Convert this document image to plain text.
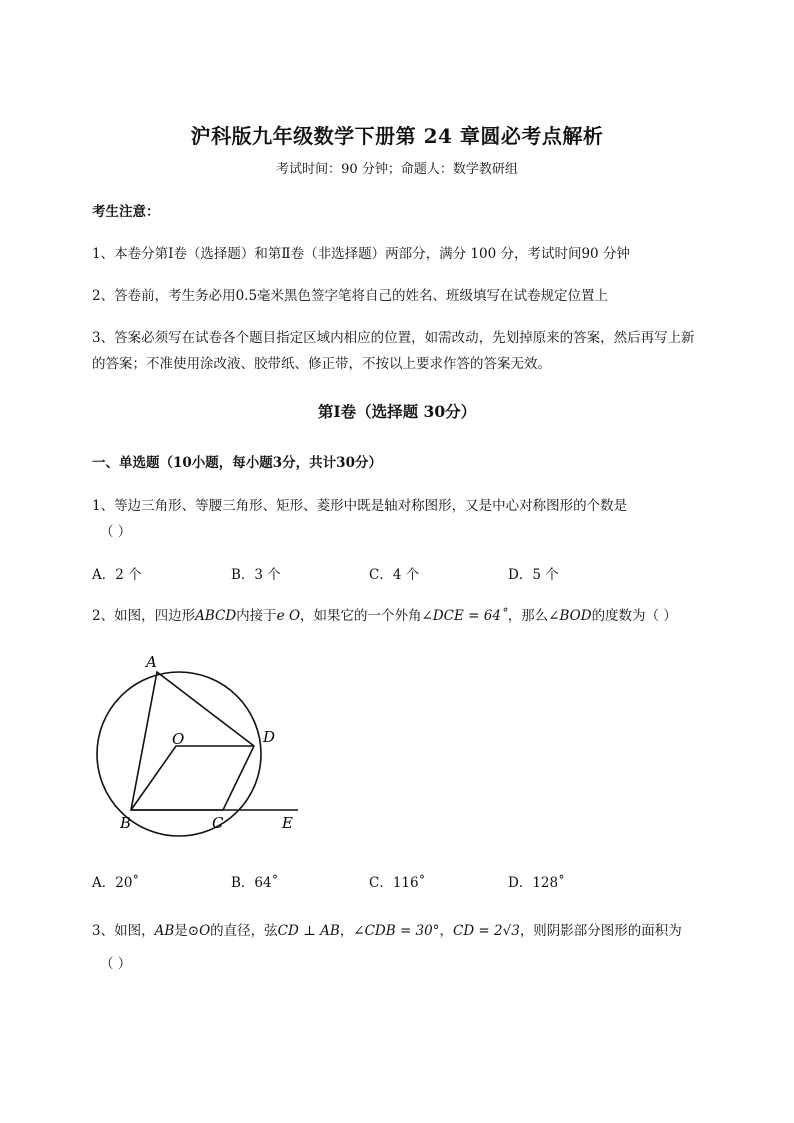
沪科版九年级数学下册第 24 章圆必考点解析
考试时间：90 分钟；命题人：数学教研组
考生注意：
1、本卷分第Ⅰ卷（选择题）和第Ⅱ卷（非选择题）两部分，满分 100 分，考试时间90 分钟
2、答卷前，考生务必用0.5毫米黑色签字笔将自己的姓名、班级填写在试卷规定位置上
3、答案必须写在试卷各个题目指定区域内相应的位置，如需改动，先划掉原来的答案，然后再写上新
的答案；不准使用涂改液、胶带纸、修正带，不按以上要求作答的答案无效。
第Ⅰ卷（选择题 30分）
一、单选题（10小题，每小题3分，共计30分）
1、等边三角形、等腰三角形、矩形、菱形中既是轴对称图形，又是中心对称图形的个数是
（ ）
A．2 个	B．3 个	C．4 个	D．5 个
2、如图，四边形ABCD内接于e O，如果它的一个外角∠DCE = 64˚，那么∠BOD的度数为（ ）
A
O	D
B	C	E
A．20˚	B．64˚	C．116˚	D．128˚
3、如图，AB是⊙O的直径，弦CD ⊥ AB，∠CDB = 30°，CD = 2√3，则阴影部分图形的面积为
（ ）
